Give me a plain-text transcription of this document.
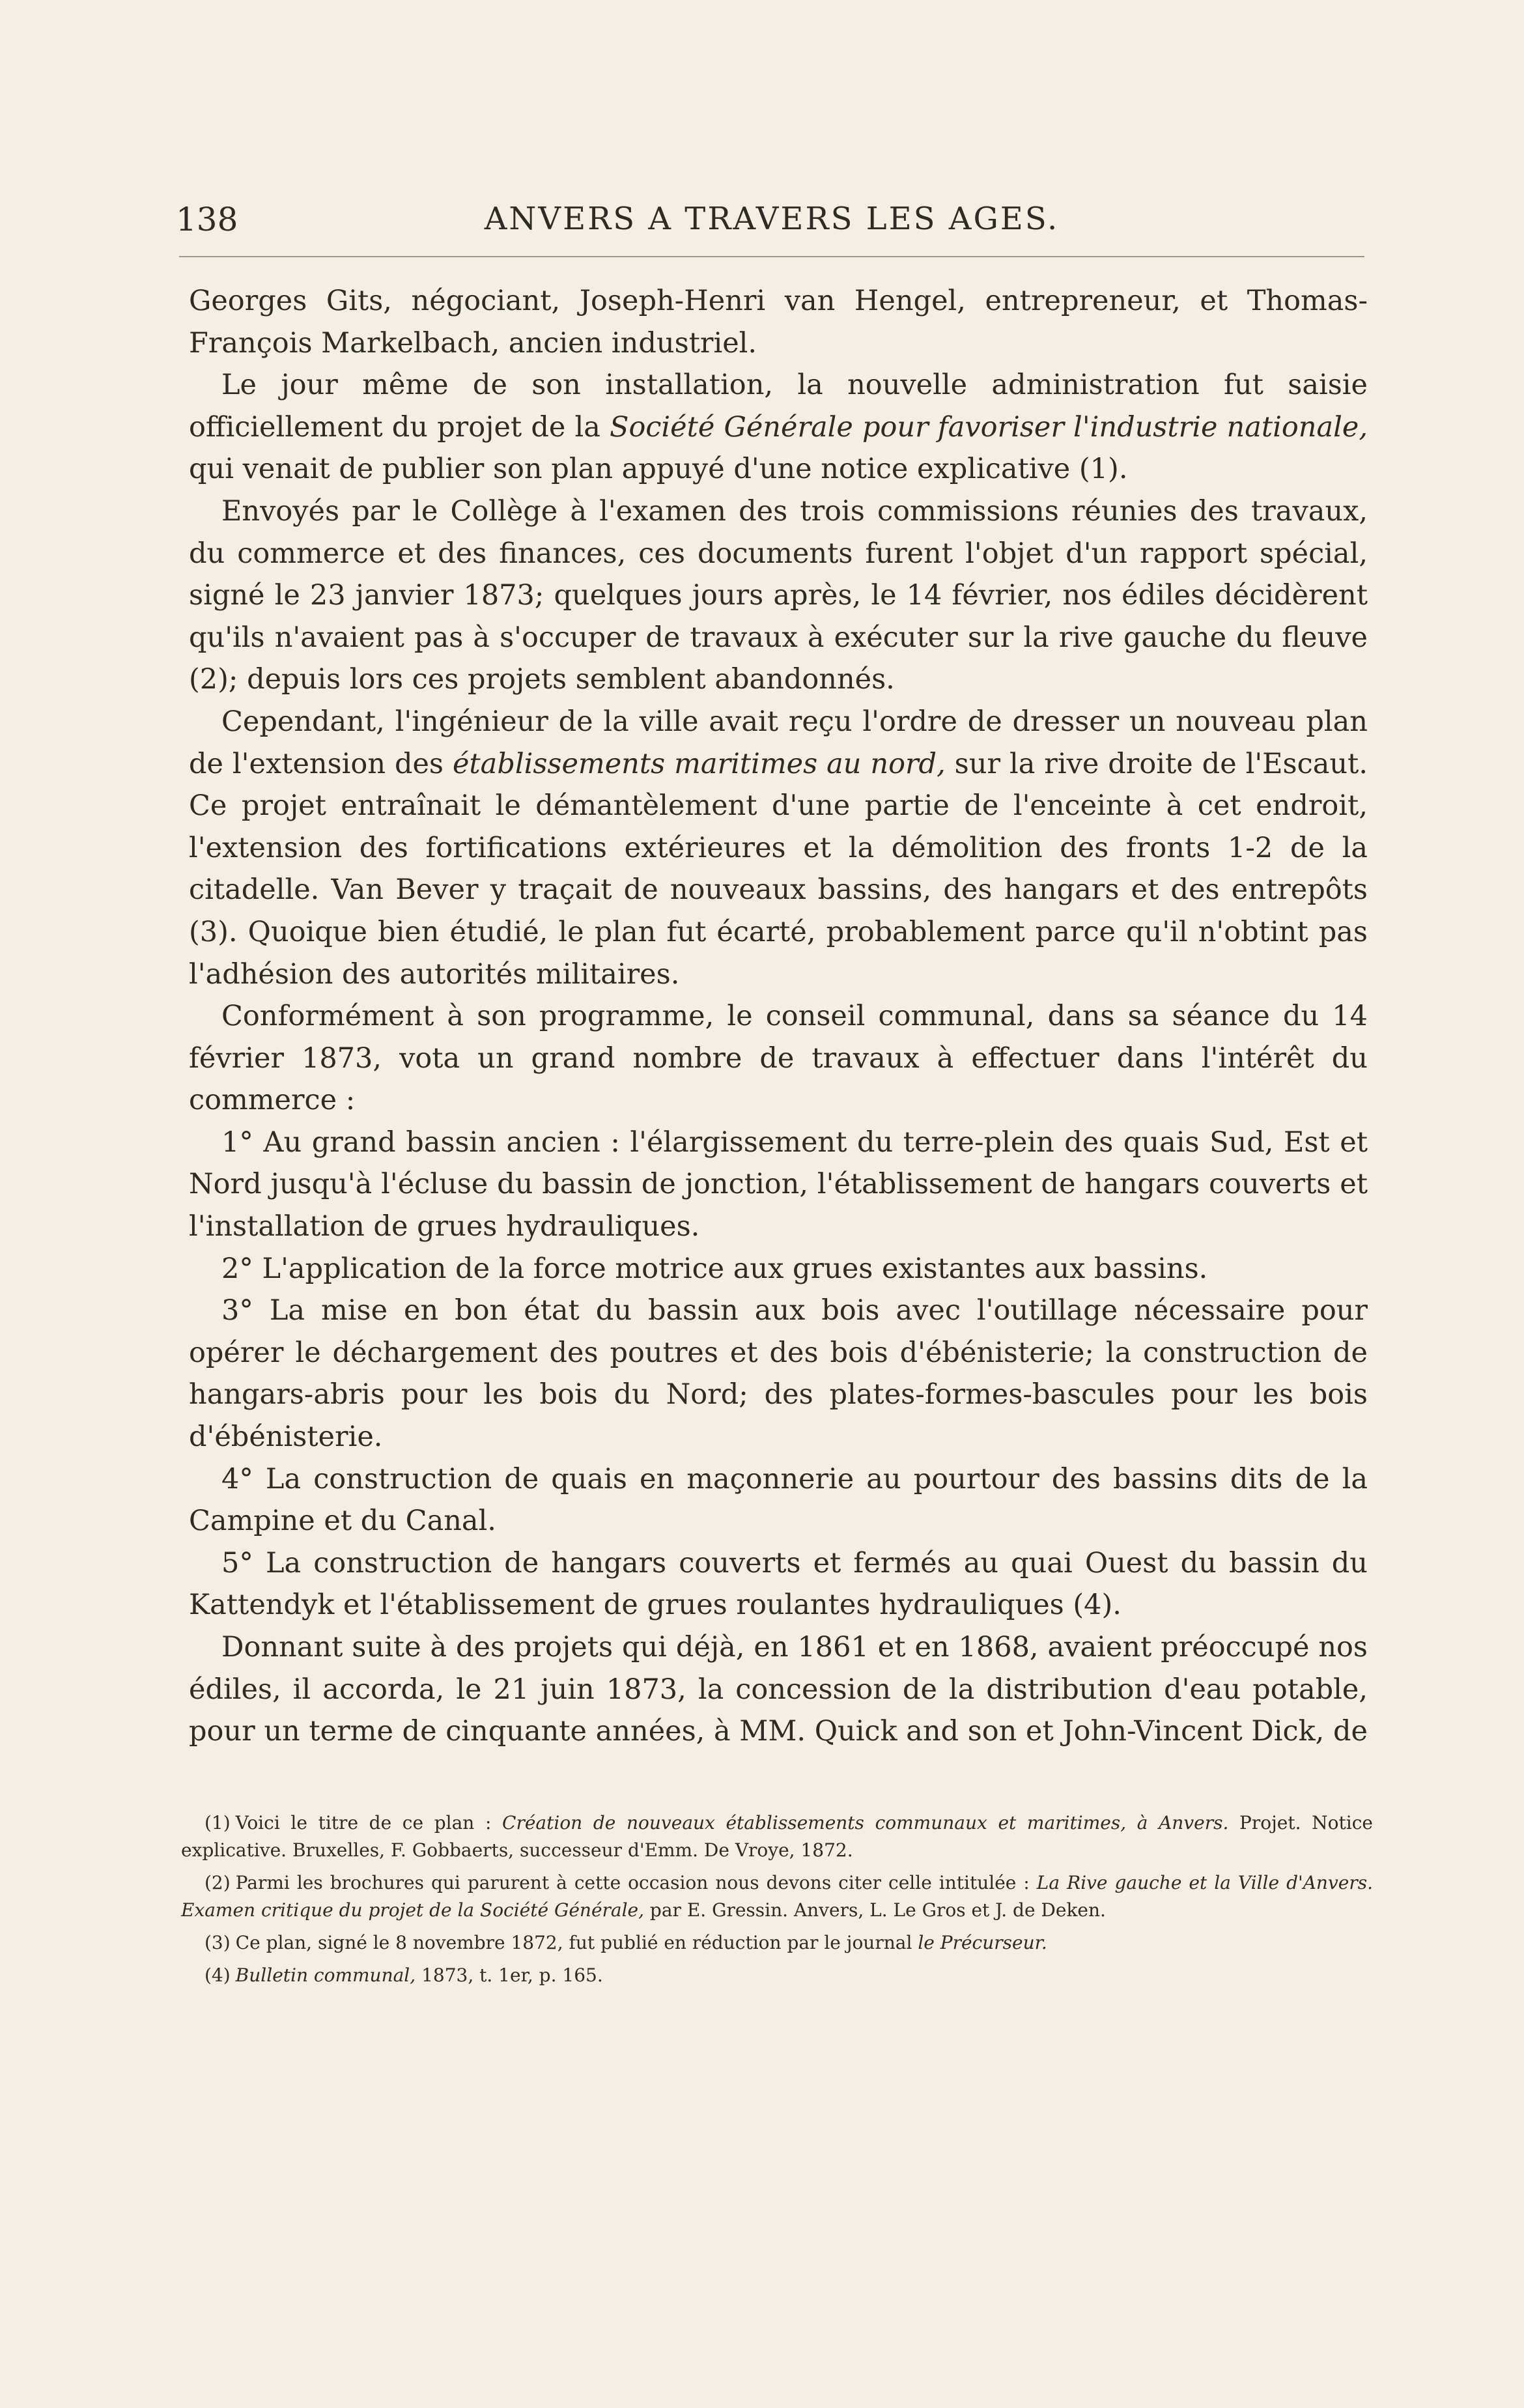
138	ANVERS A TRAVERS LES AGES.

Georges Gits, négociant, Joseph-Henri van Hengel, entrepreneur, et Thomas-François Markelbach, ancien industriel.

Le jour même de son installation, la nouvelle administration fut saisie officiellement du projet de la Société Générale pour favoriser l'industrie nationale, qui venait de publier son plan appuyé d'une notice explicative (1).

Envoyés par le Collège à l'examen des trois commissions réunies des travaux, du commerce et des finances, ces documents furent l'objet d'un rapport spécial, signé le 23 janvier 1873; quelques jours après, le 14 février, nos édiles décidèrent qu'ils n'avaient pas à s'occuper de travaux à exécuter sur la rive gauche du fleuve (2); depuis lors ces projets semblent abandonnés.

Cependant, l'ingénieur de la ville avait reçu l'ordre de dresser un nouveau plan de l'extension des établissements maritimes au nord, sur la rive droite de l'Escaut. Ce projet entraînait le démantèlement d'une partie de l'enceinte à cet endroit, l'extension des fortifications extérieures et la démolition des fronts 1-2 de la citadelle. Van Bever y traçait de nouveaux bassins, des hangars et des entrepôts (3). Quoique bien étudié, le plan fut écarté, probablement parce qu'il n'obtint pas l'adhésion des autorités militaires.

Conformément à son programme, le conseil communal, dans sa séance du 14 février 1873, vota un grand nombre de travaux à effectuer dans l'intérêt du commerce :

1° Au grand bassin ancien : l'élargissement du terre-plein des quais Sud, Est et Nord jusqu'à l'écluse du bassin de jonction, l'établissement de hangars couverts et l'installation de grues hydrauliques.

2° L'application de la force motrice aux grues existantes aux bassins.

3° La mise en bon état du bassin aux bois avec l'outillage nécessaire pour opérer le déchargement des poutres et des bois d'ébénisterie; la construction de hangars-abris pour les bois du Nord; des plates-formes-bascules pour les bois d'ébénisterie.

4° La construction de quais en maçonnerie au pourtour des bassins dits de la Campine et du Canal.

5° La construction de hangars couverts et fermés au quai Ouest du bassin du Kattendyk et l'établissement de grues roulantes hydrauliques (4).

Donnant suite à des projets qui déjà, en 1861 et en 1868, avaient préoccupé nos édiles, il accorda, le 21 juin 1873, la concession de la distribution d'eau potable, pour un terme de cinquante années, à MM. Quick and son et John-Vincent Dick, de

(1) Voici le titre de ce plan : Création de nouveaux établissements communaux et maritimes, à Anvers. Projet. Notice explicative. Bruxelles, F. Gobbaerts, successeur d'Emm. De Vroye, 1872.

(2) Parmi les brochures qui parurent à cette occasion nous devons citer celle intitulée : La Rive gauche et la Ville d'Anvers. Examen critique du projet de la Société Générale, par E. Gressin. Anvers, L. Le Gros et J. de Deken.

(3) Ce plan, signé le 8 novembre 1872, fut publié en réduction par le journal le Précurseur.

(4) Bulletin communal, 1873, t. 1er, p. 165.
